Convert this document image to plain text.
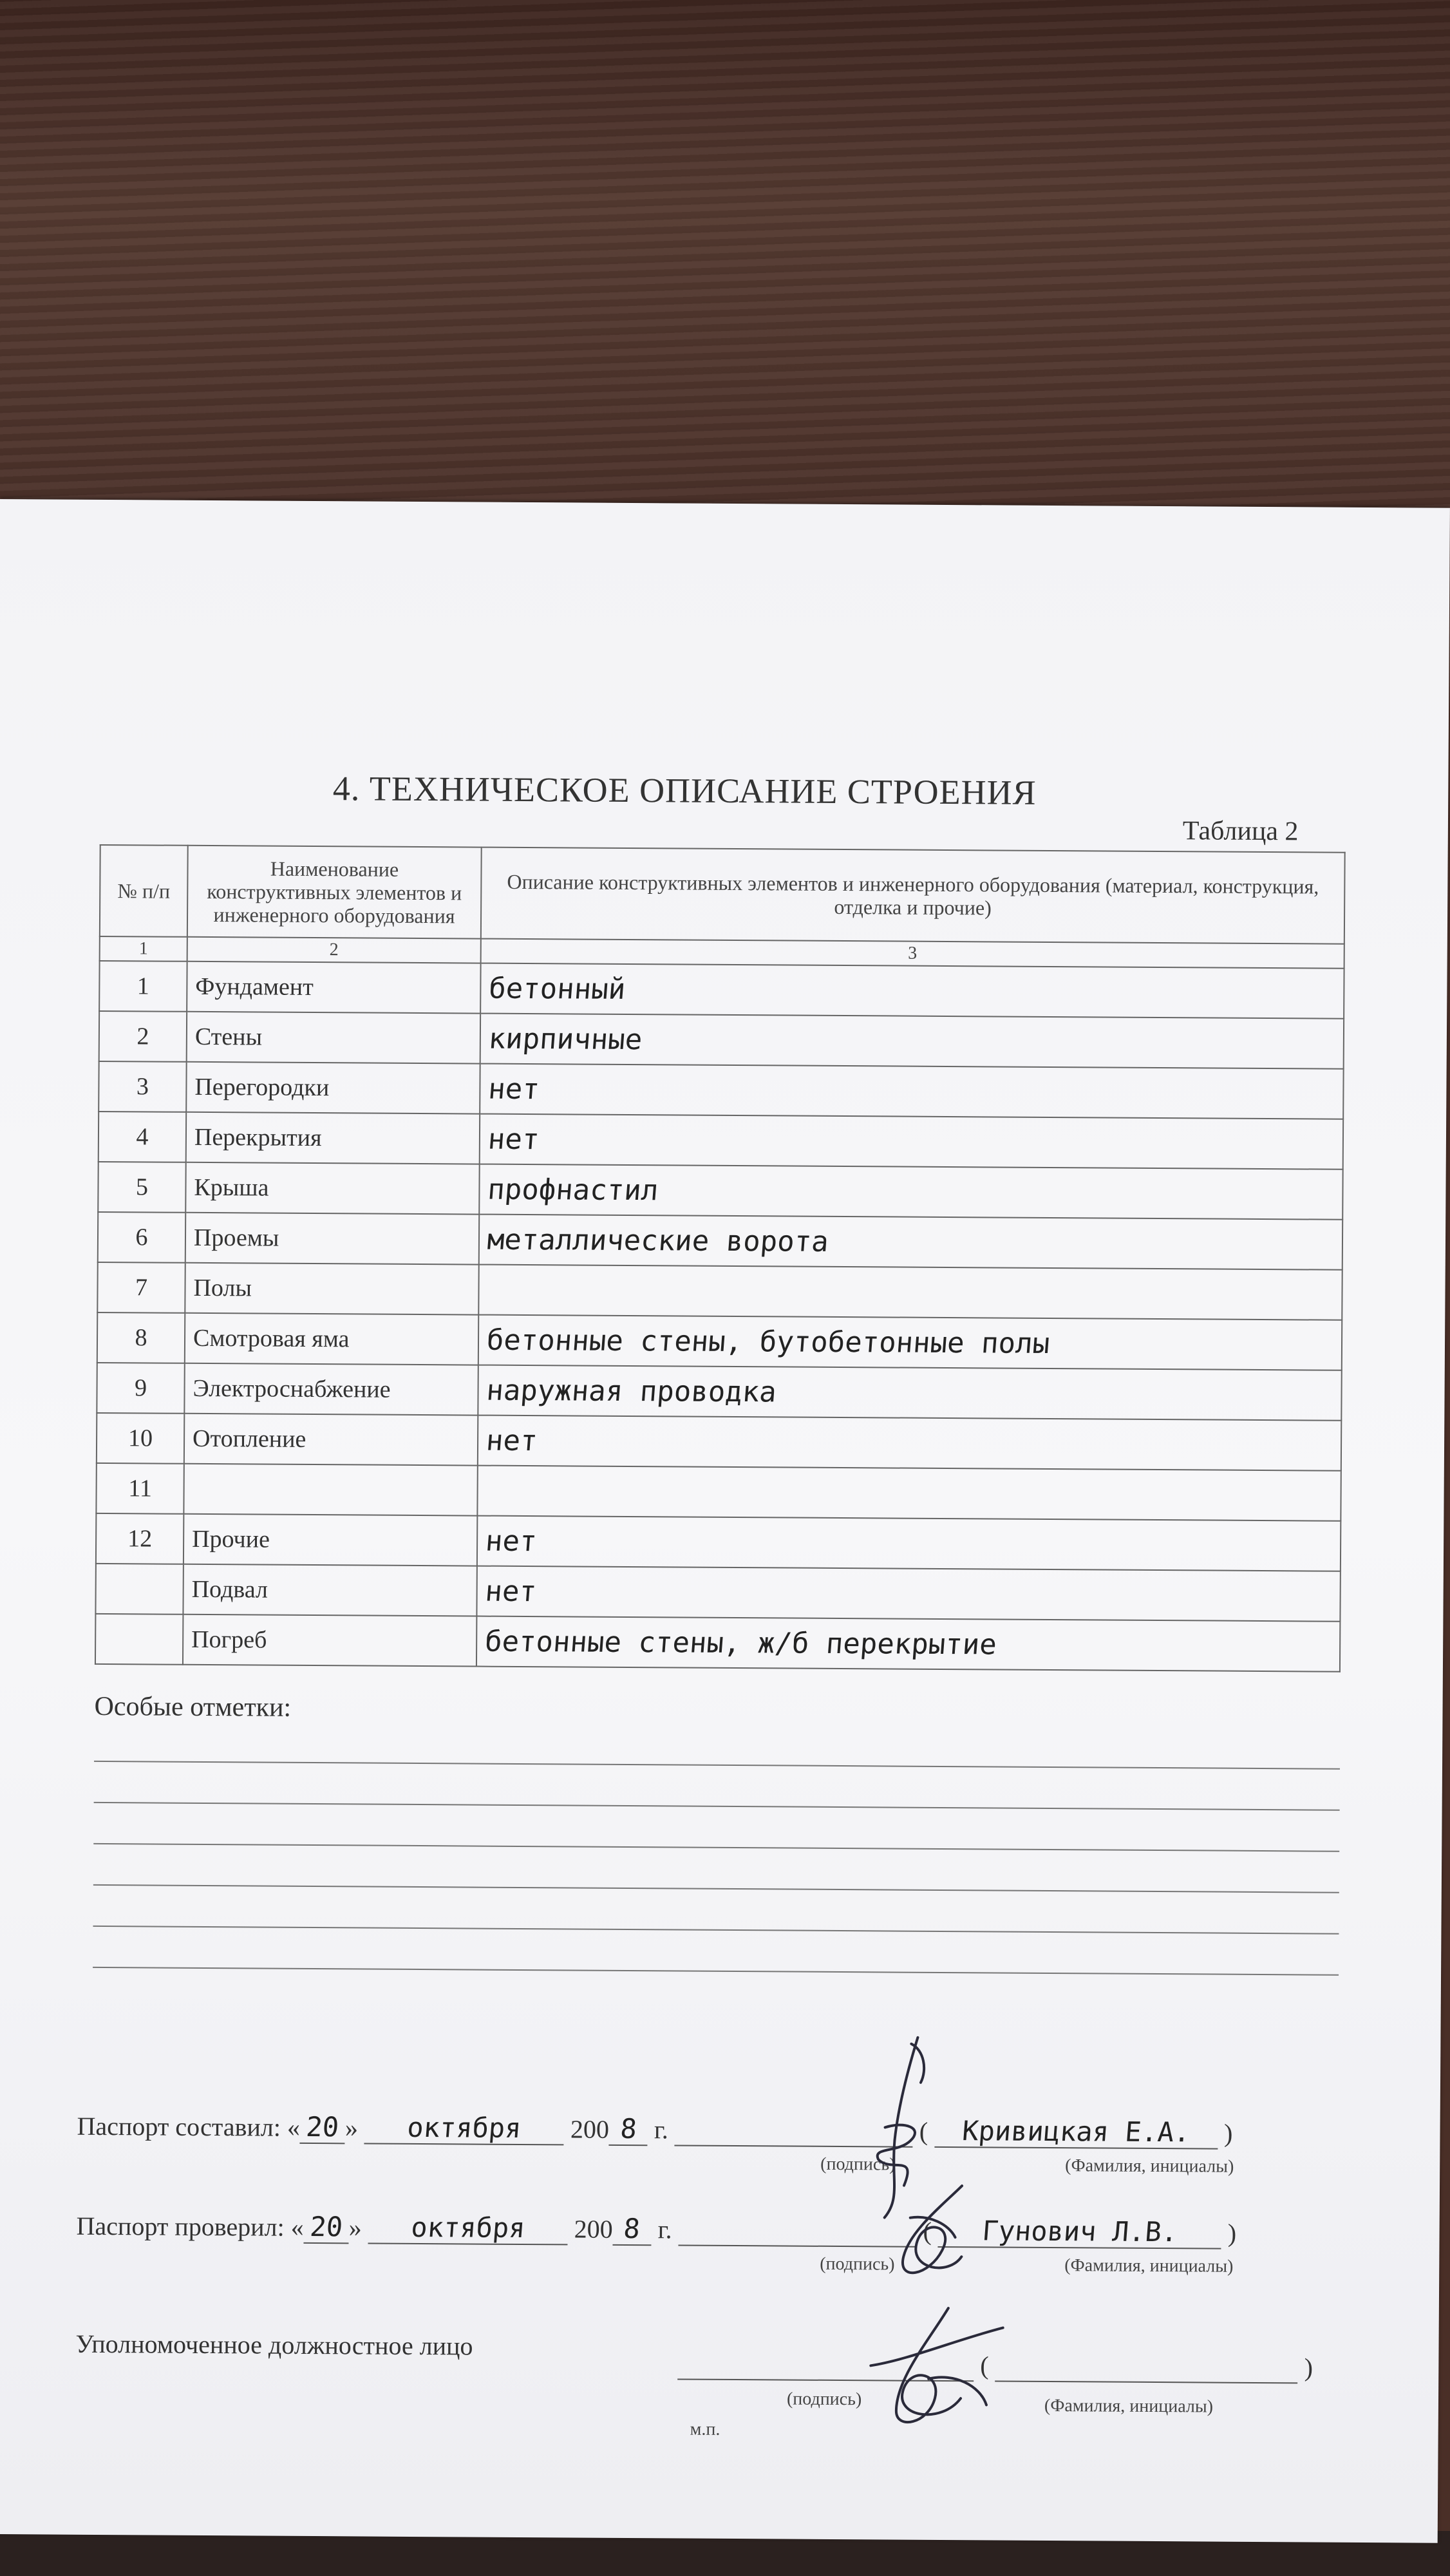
4. ТЕХНИЧЕСКОЕ ОПИСАНИЕ СТРОЕНИЯ
Таблица 2
№ п/п	Наименование конструктивных элементов и инженерного оборудования	Описание конструктивных элементов и инженерного оборудования (материал, конструкция, отделка и прочие)
1	2	3
1	Фундамент	бетонный
2	Стены	кирпичные
3	Перегородки	нет
4	Перекрытия	нет
5	Крыша	профнастил
6	Проемы	металлические ворота
7	Полы	
8	Смотровая яма	бетонные стены, бутобетонные полы
9	Электроснабжение	наружная проводка
10	Отопление	нет
11		
12	Прочие	нет
	Подвал	нет
	Погреб	бетонные стены, ж/б перекрытие
Особые отметки:
Паспорт составил: « 20 » октября 200 8 г.	( Кривицкая Е.А. )
(подпись)	(Фамилия, инициалы)
Паспорт проверил: « 20 » октября 200 8 г.	( Гунович Л.В. )
(подпись)	(Фамилия, инициалы)
Уполномоченное должностное лицо
(	)
(подпись)	(Фамилия, инициалы)
м.п.
